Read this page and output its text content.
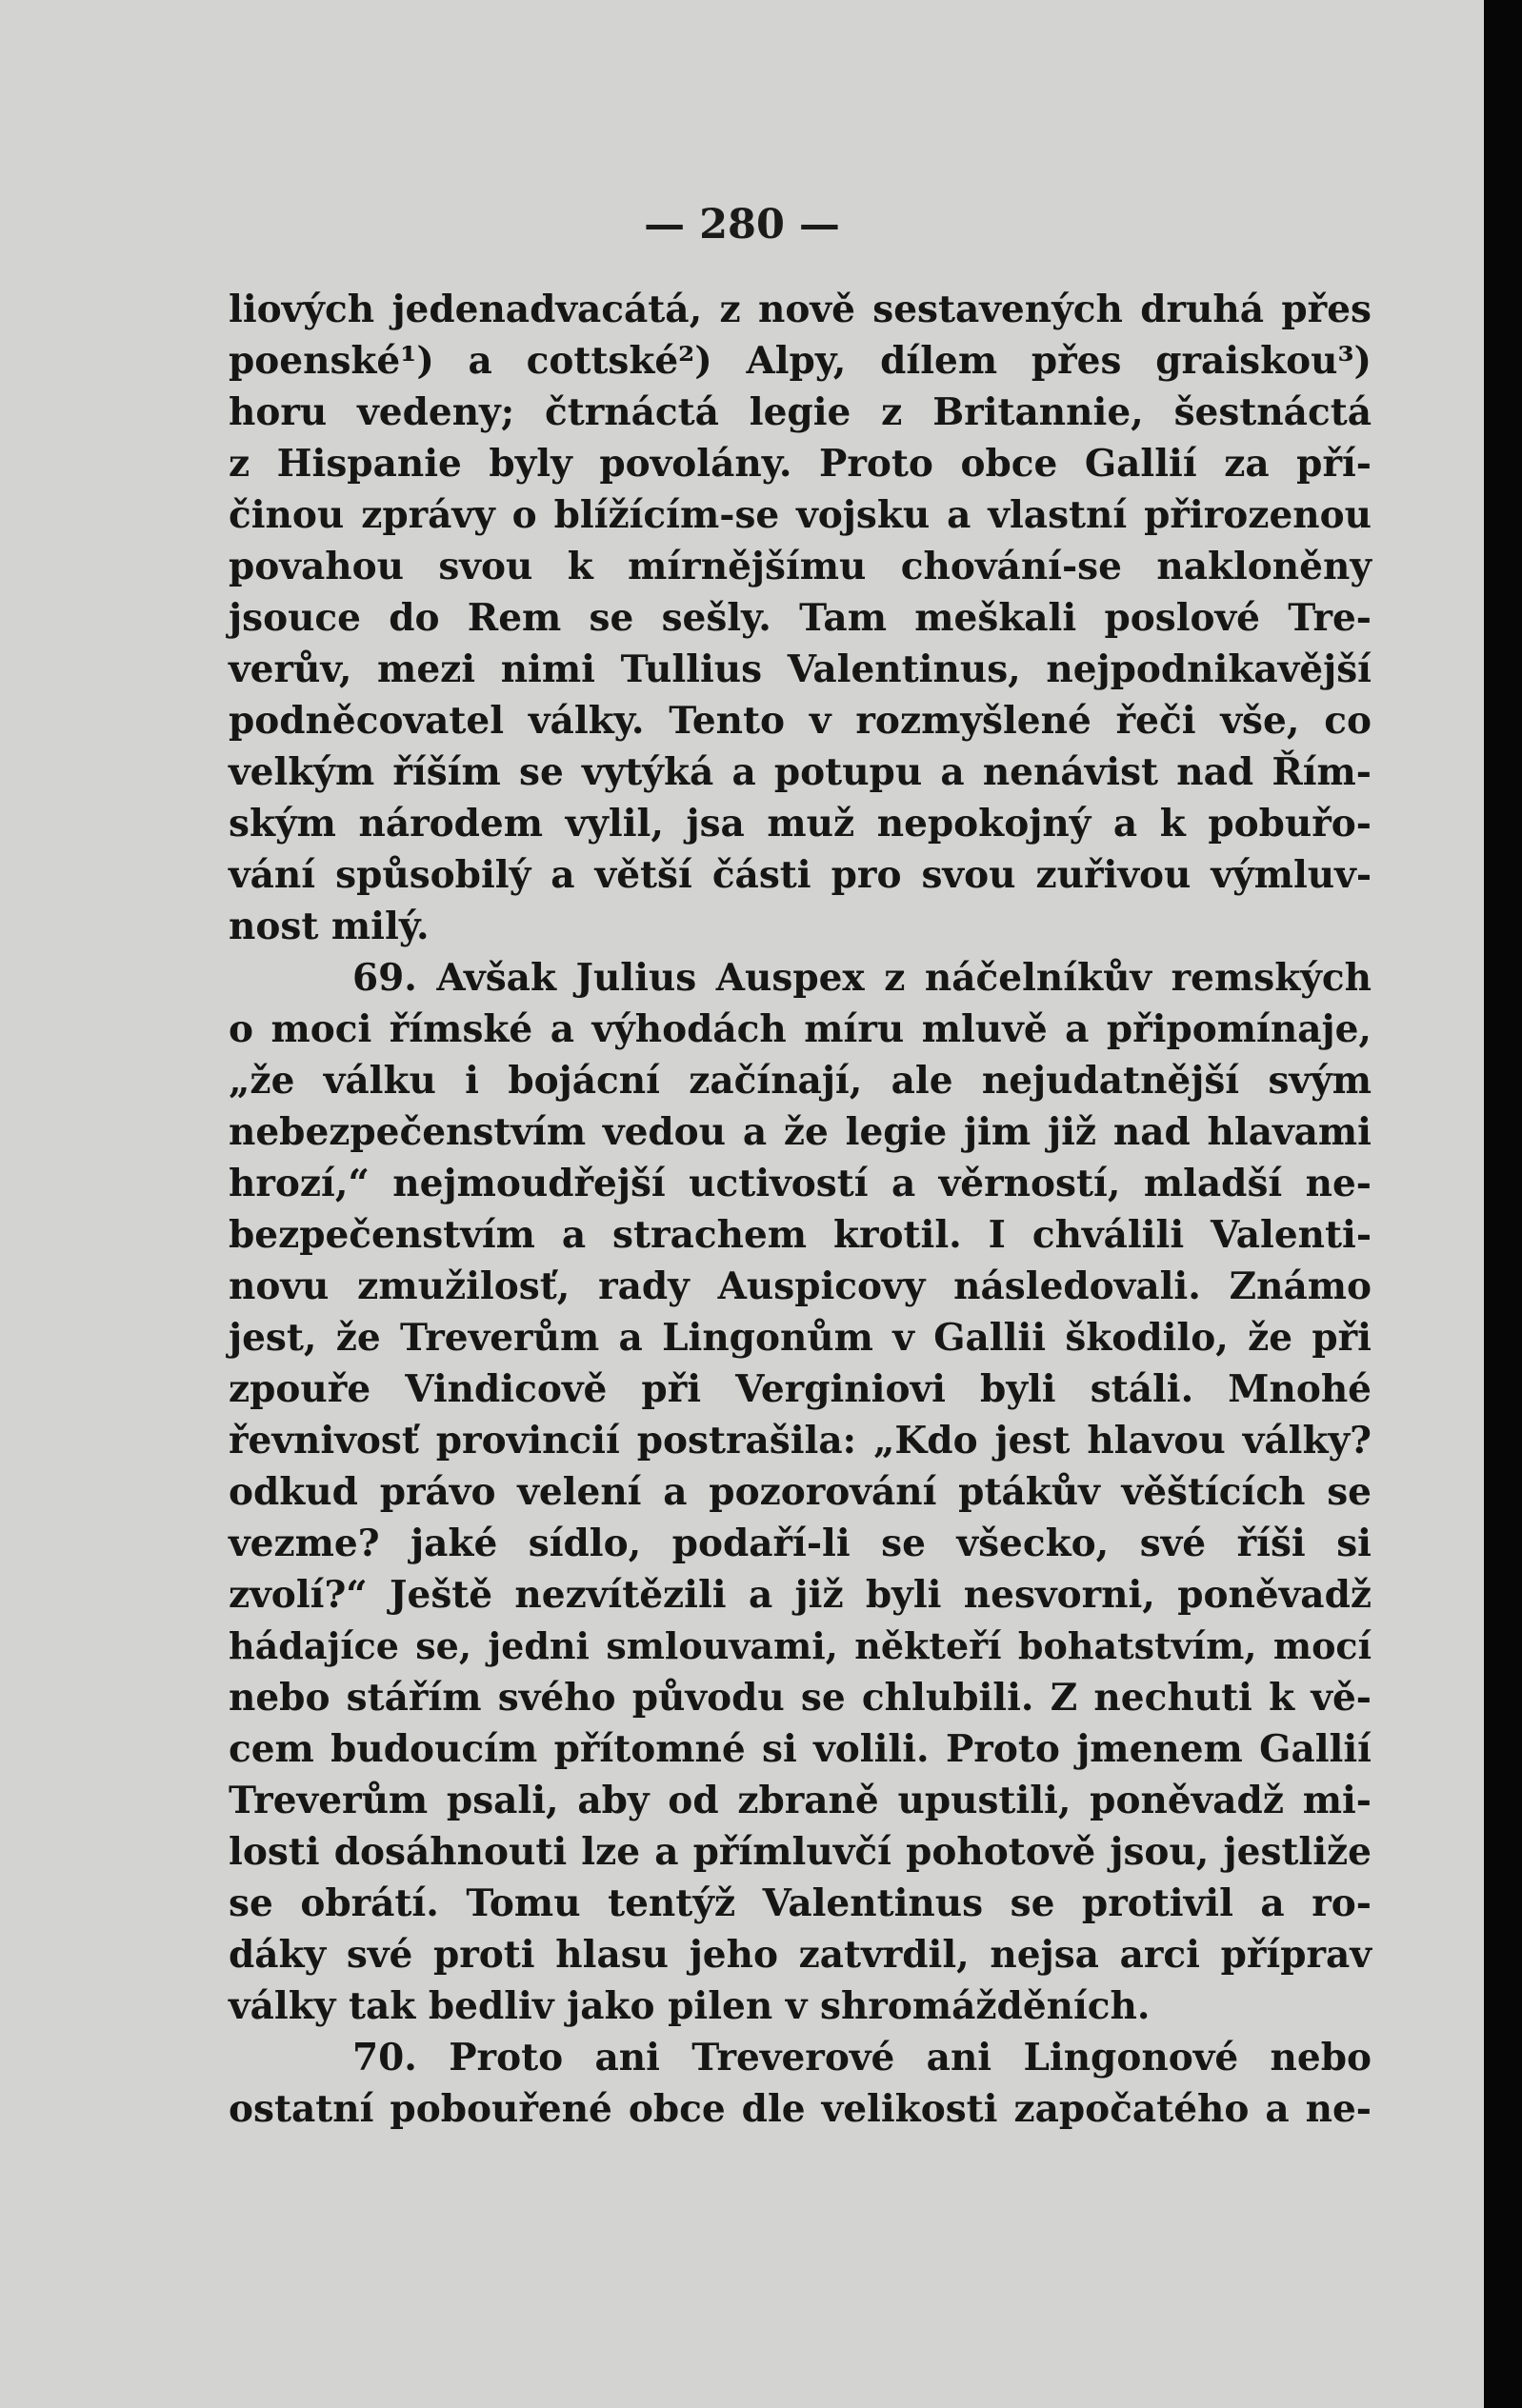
— 280 —

liových jedenadvacátá, z nově sestavených druhá přes
poenské¹) a cottské²) Alpy, dílem přes graiskou³)
horu vedeny; čtrnáctá legie z Britannie, šestnáctá
z Hispanie byly povolány. Proto obce Gallií za pří-
činou zprávy o blížícím-se vojsku a vlastní přirozenou
povahou svou k mírnějšímu chování-se nakloněny
jsouce do Rem se sešly. Tam meškali poslové Tre-
verův, mezi nimi Tullius Valentinus, nejpodnikavější
podněcovatel války. Tento v rozmyšlené řeči vše, co
velkým říším se vytýká a potupu a nenávist nad Řím-
ským národem vylil, jsa muž nepokojný a k pobuřo-
vání spůsobilý a větší části pro svou zuřivou výmluv-
nost milý.
69. Avšak Julius Auspex z náčelníkův remských
o moci římské a výhodách míru mluvě a připomínaje,
„že válku i bojácní začínají, ale nejudatnější svým
nebezpečenstvím vedou a že legie jim již nad hlavami
hrozí,“ nejmoudřejší uctivostí a věrností, mladší ne-
bezpečenstvím a strachem krotil. I chválili Valenti-
novu zmužilosť, rady Auspicovy následovali. Známo
jest, že Treverům a Lingonům v Gallii škodilo, že při
zpouře Vindicově při Verginiovi byli stáli. Mnohé
řevnivosť provincií postrašila: „Kdo jest hlavou války?
odkud právo velení a pozorování ptákův věštících se
vezme? jaké sídlo, podaří-li se všecko, své říši si
zvolí?“ Ještě nezvítězili a již byli nesvorni, poněvadž
hádajíce se, jedni smlouvami, někteří bohatstvím, mocí
nebo stářím svého původu se chlubili. Z nechuti k vě-
cem budoucím přítomné si volili. Proto jmenem Gallií
Treverům psali, aby od zbraně upustili, poněvadž mi-
losti dosáhnouti lze a přímluvčí pohotově jsou, jestliže
se obrátí. Tomu tentýž Valentinus se protivil a ro-
dáky své proti hlasu jeho zatvrdil, nejsa arci příprav
války tak bedliv jako pilen v shromážděních.
70. Proto ani Treverové ani Lingonové nebo
ostatní pobouřené obce dle velikosti započatého a ne-
